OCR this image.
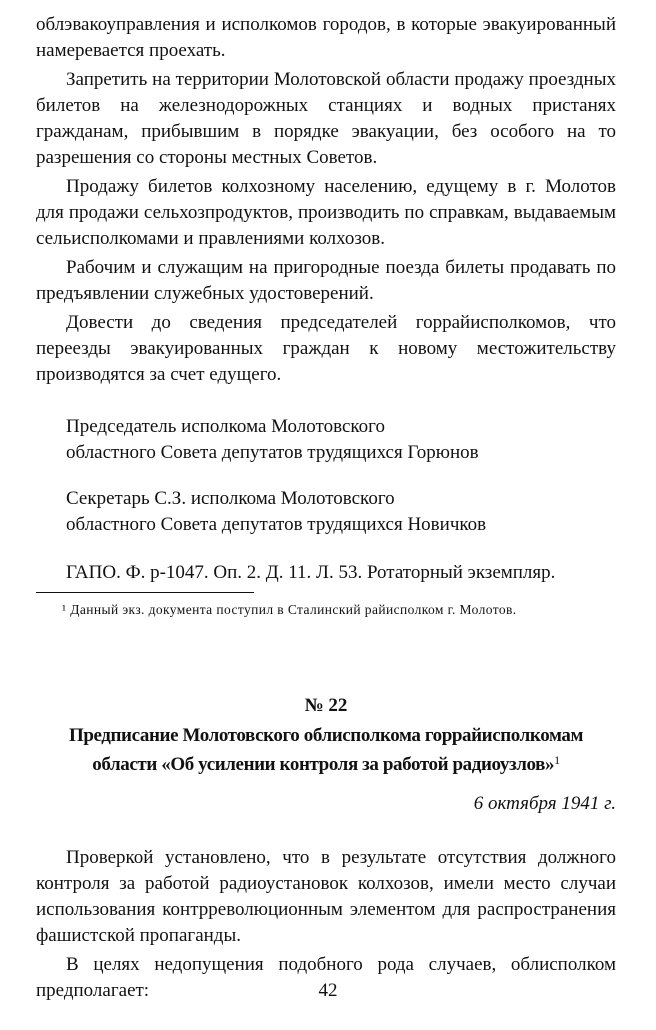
облэвакоуправления и исполкомов городов, в которые эвакуированный намеревается проехать.

Запретить на территории Молотовской области продажу проездных билетов на железнодорожных станциях и водных пристанях гражданам, прибывшим в порядке эвакуации, без особого на то разрешения со стороны местных Советов.

Продажу билетов колхозному населению, едущему в г. Молотов для продажи сельхозпродуктов, производить по справкам, выдаваемым сельисполкомами и правлениями колхозов.

Рабочим и служащим на пригородные поезда билеты продавать по предъявлении служебных удостоверений.

Довести до сведения председателей горрайисполкомов, что переезды эвакуированных граждан к новому местожительству производятся за счет едущего.

Председатель исполкома Молотовского
областного Совета депутатов трудящихся Горюнов
Секретарь С.З. исполкома Молотовского
областного Совета депутатов трудящихся Новичков
ГАПО. Ф. р-1047. Оп. 2. Д. 11. Л. 53. Ротаторный экземпляр.
¹ Данный экз. документа поступил в Сталинский райисполком г. Молотов.
№ 22
Предписание Молотовского облисполкома горрайисполкомам области «Об усилении контроля за работой радиоузлов»$^1$
6 октября 1941 г.

Проверкой установлено, что в результате отсутствия должного контроля за работой радиоустановок колхозов, имели место случаи использования контрреволюционным элементом для распространения фашистской пропаганды.

В целях недопущения подобного рода случаев, облисполком предполагает:	42
